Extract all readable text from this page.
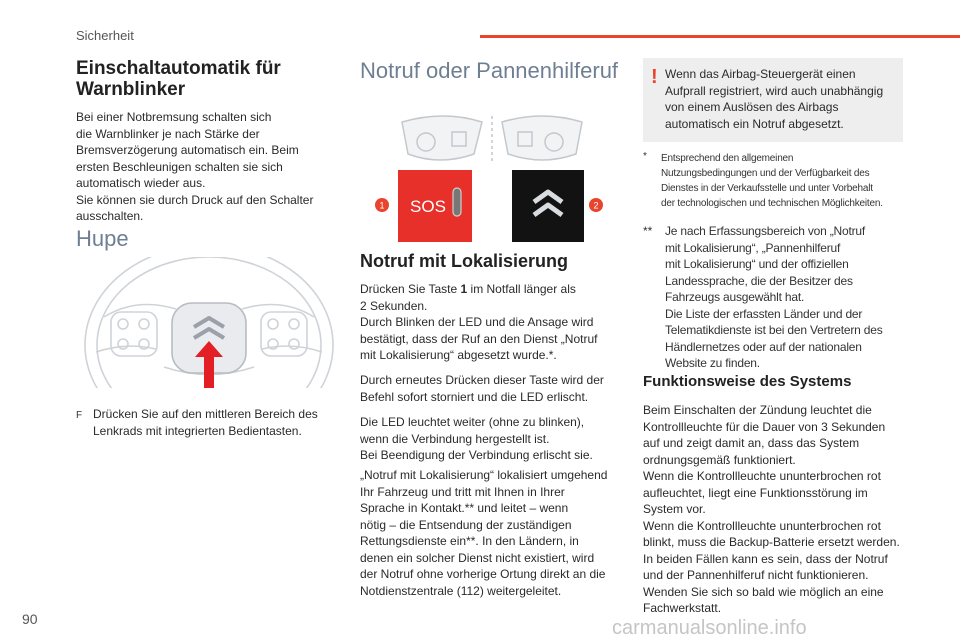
Sicherheit
Einschaltautomatik für Warnblinker
Bei einer Notbremsung schalten sich
die Warnblinker je nach Stärke der
Bremsverzögerung automatisch ein. Beim
ersten Beschleunigen schalten sie sich
automatisch wieder aus.
Sie können sie durch Druck auf den Schalter
ausschalten.
Hupe
F Drücken Sie auf den mittleren Bereich des
Lenkrads mit integrierten Bedientasten.
Notruf oder Pannenhilferuf
SOS
1	2
Notruf mit Lokalisierung
Drücken Sie Taste 1 im Notfall länger als
2 Sekunden.
Durch Blinken der LED und die Ansage wird
bestätigt, dass der Ruf an den Dienst „Notruf
mit Lokalisierung“ abgesetzt wurde.*.
Durch erneutes Drücken dieser Taste wird der
Befehl sofort storniert und die LED erlischt.
Die LED leuchtet weiter (ohne zu blinken),
wenn die Verbindung hergestellt ist.
Bei Beendigung der Verbindung erlischt sie.
„Notruf mit Lokalisierung“ lokalisiert umgehend
Ihr Fahrzeug und tritt mit Ihnen in Ihrer
Sprache in Kontakt.** und leitet – wenn
nötig – die Entsendung der zuständigen
Rettungsdienste ein**. In den Ländern, in
denen ein solcher Dienst nicht existiert, wird
der Notruf ohne vorherige Ortung direkt an die
Notdienstzentrale (112) weitergeleitet.
! Wenn das Airbag-Steuergerät einen
Aufprall registriert, wird auch unabhängig
von einem Auslösen des Airbags
automatisch ein Notruf abgesetzt.
*	Entsprechend den allgemeinen
Nutzungsbedingungen und der Verfügbarkeit des
Dienstes in der Verkaufsstelle und unter Vorbehalt
der technologischen und technischen Möglichkeiten.
**	Je nach Erfassungsbereich von „Notruf
mit Lokalisierung“, „Pannenhilferuf
mit Lokalisierung“ und der offiziellen
Landessprache, die der Besitzer des
Fahrzeugs ausgewählt hat.
Die Liste der erfassten Länder und der
Telematikdienste ist bei den Vertretern des
Händlernetzes oder auf der nationalen
Website zu finden.
Funktionsweise des Systems
Beim Einschalten der Zündung leuchtet die
Kontrollleuchte für die Dauer von 3 Sekunden
auf und zeigt damit an, dass das System
ordnungsgemäß funktioniert.
Wenn die Kontrollleuchte ununterbrochen rot
aufleuchtet, liegt eine Funktionsstörung im
System vor.
Wenn die Kontrollleuchte ununterbrochen rot
blinkt, muss die Backup-Batterie ersetzt werden.
In beiden Fällen kann es sein, dass der Notruf
und der Pannenhilferuf nicht funktionieren.
Wenden Sie sich so bald wie möglich an eine
Fachwerkstatt.
90	carmanualsonline.info
